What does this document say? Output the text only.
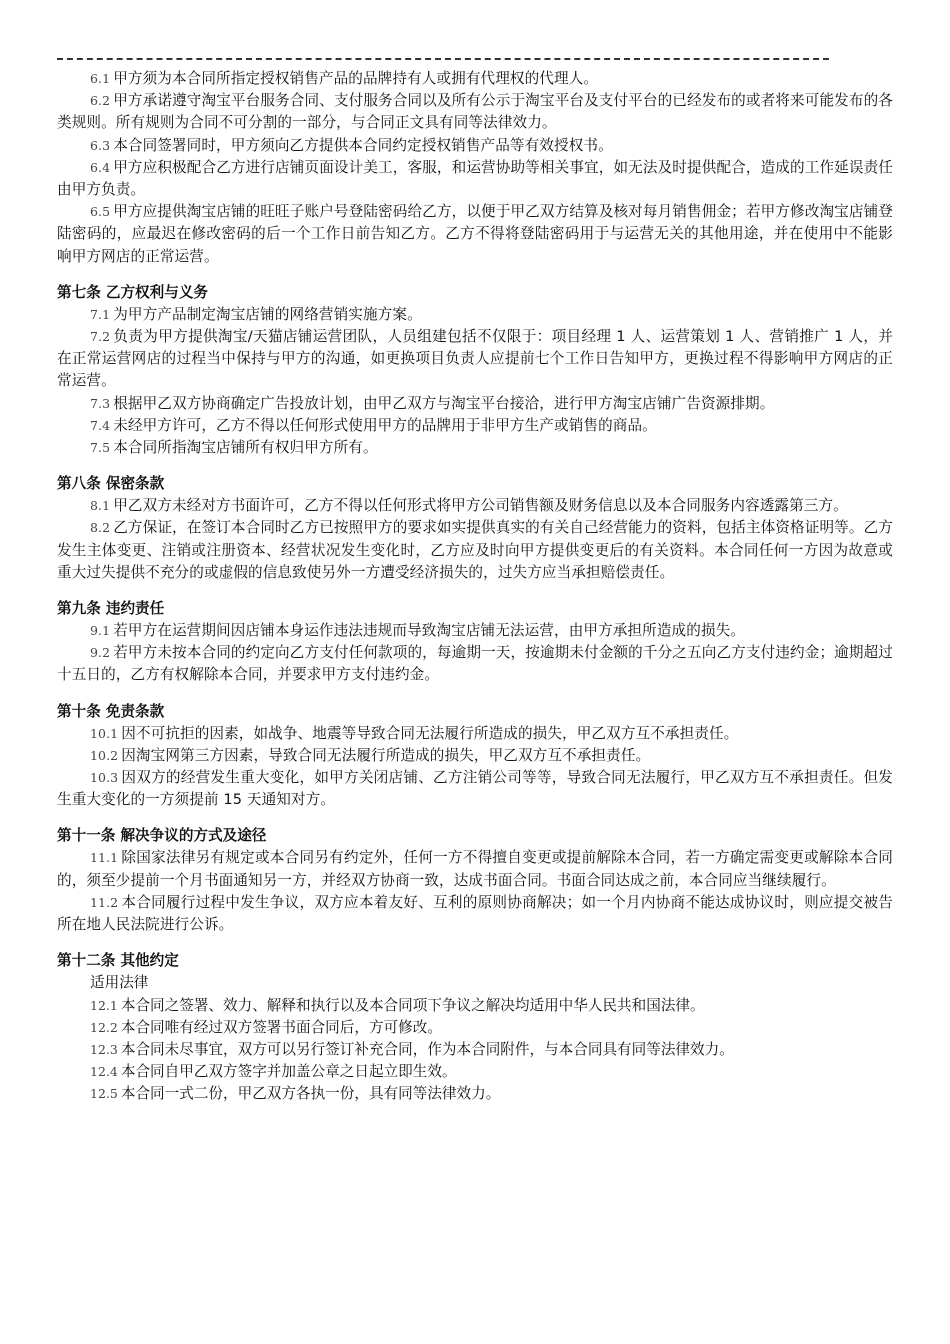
6.1 甲方须为本合同所指定授权销售产品的品牌持有人或拥有代理权的代理人。

6.2 甲方承诺遵守淘宝平台服务合同、支付服务合同以及所有公示于淘宝平台及支付平台的已经发布的或者将来可能发布的各类规则。所有规则为合同不可分割的一部分，与合同正文具有同等法律效力。

6.3 本合同签署同时，甲方须向乙方提供本合同约定授权销售产品等有效授权书。

6.4 甲方应积极配合乙方进行店铺页面设计美工，客服，和运营协助等相关事宜，如无法及时提供配合，造成的工作延误责任由甲方负责。

6.5 甲方应提供淘宝店铺的旺旺子账户号登陆密码给乙方，以便于甲乙双方结算及核对每月销售佣金；若甲方修改淘宝店铺登陆密码的，应最迟在修改密码的后一个工作日前告知乙方。乙方不得将登陆密码用于与运营无关的其他用途，并在使用中不能影响甲方网店的正常运营。

第七条 乙方权利与义务

7.1 为甲方产品制定淘宝店铺的网络营销实施方案。

7.2 负责为甲方提供淘宝/天猫店铺运营团队，人员组建包括不仅限于：项目经理 1 人、运营策划 1 人、营销推广 1 人，并在正常运营网店的过程当中保持与甲方的沟通，如更换项目负责人应提前七个工作日告知甲方，更换过程不得影响甲方网店的正常运营。

7.3 根据甲乙双方协商确定广告投放计划，由甲乙双方与淘宝平台接洽，进行甲方淘宝店铺广告资源排期。

7.4 未经甲方许可，乙方不得以任何形式使用甲方的品牌用于非甲方生产或销售的商品。

7.5 本合同所指淘宝店铺所有权归甲方所有。

第八条 保密条款

8.1 甲乙双方未经对方书面许可，乙方不得以任何形式将甲方公司销售额及财务信息以及本合同服务内容透露第三方。

8.2 乙方保证，在签订本合同时乙方已按照甲方的要求如实提供真实的有关自己经营能力的资料，包括主体资格证明等。乙方发生主体变更、注销或注册资本、经营状况发生变化时，乙方应及时向甲方提供变更后的有关资料。本合同任何一方因为故意或重大过失提供不充分的或虚假的信息致使另外一方遭受经济损失的，过失方应当承担赔偿责任。

第九条 违约责任

9.1 若甲方在运营期间因店铺本身运作违法违规而导致淘宝店铺无法运营，由甲方承担所造成的损失。

9.2 若甲方未按本合同的约定向乙方支付任何款项的，每逾期一天，按逾期未付金额的千分之五向乙方支付违约金；逾期超过十五日的，乙方有权解除本合同，并要求甲方支付违约金。

第十条 免责条款

10.1 因不可抗拒的因素，如战争、地震等导致合同无法履行所造成的损失，甲乙双方互不承担责任。

10.2 因淘宝网第三方因素，导致合同无法履行所造成的损失，甲乙双方互不承担责任。

10.3 因双方的经营发生重大变化，如甲方关闭店铺、乙方注销公司等等，导致合同无法履行，甲乙双方互不承担责任。但发生重大变化的一方须提前 15 天通知对方。

第十一条 解决争议的方式及途径

11.1 除国家法律另有规定或本合同另有约定外，任何一方不得擅自变更或提前解除本合同，若一方确定需变更或解除本合同的，须至少提前一个月书面通知另一方，并经双方协商一致，达成书面合同。书面合同达成之前，本合同应当继续履行。

11.2 本合同履行过程中发生争议，双方应本着友好、互利的原则协商解决；如一个月内协商不能达成协议时，则应提交被告所在地人民法院进行公诉。

第十二条 其他约定

适用法律

12.1 本合同之签署、效力、解释和执行以及本合同项下争议之解决均适用中华人民共和国法律。

12.2 本合同唯有经过双方签署书面合同后，方可修改。

12.3 本合同未尽事宜，双方可以另行签订补充合同，作为本合同附件，与本合同具有同等法律效力。

12.4 本合同自甲乙双方签字并加盖公章之日起立即生效。

12.5 本合同一式二份，甲乙双方各执一份，具有同等法律效力。
